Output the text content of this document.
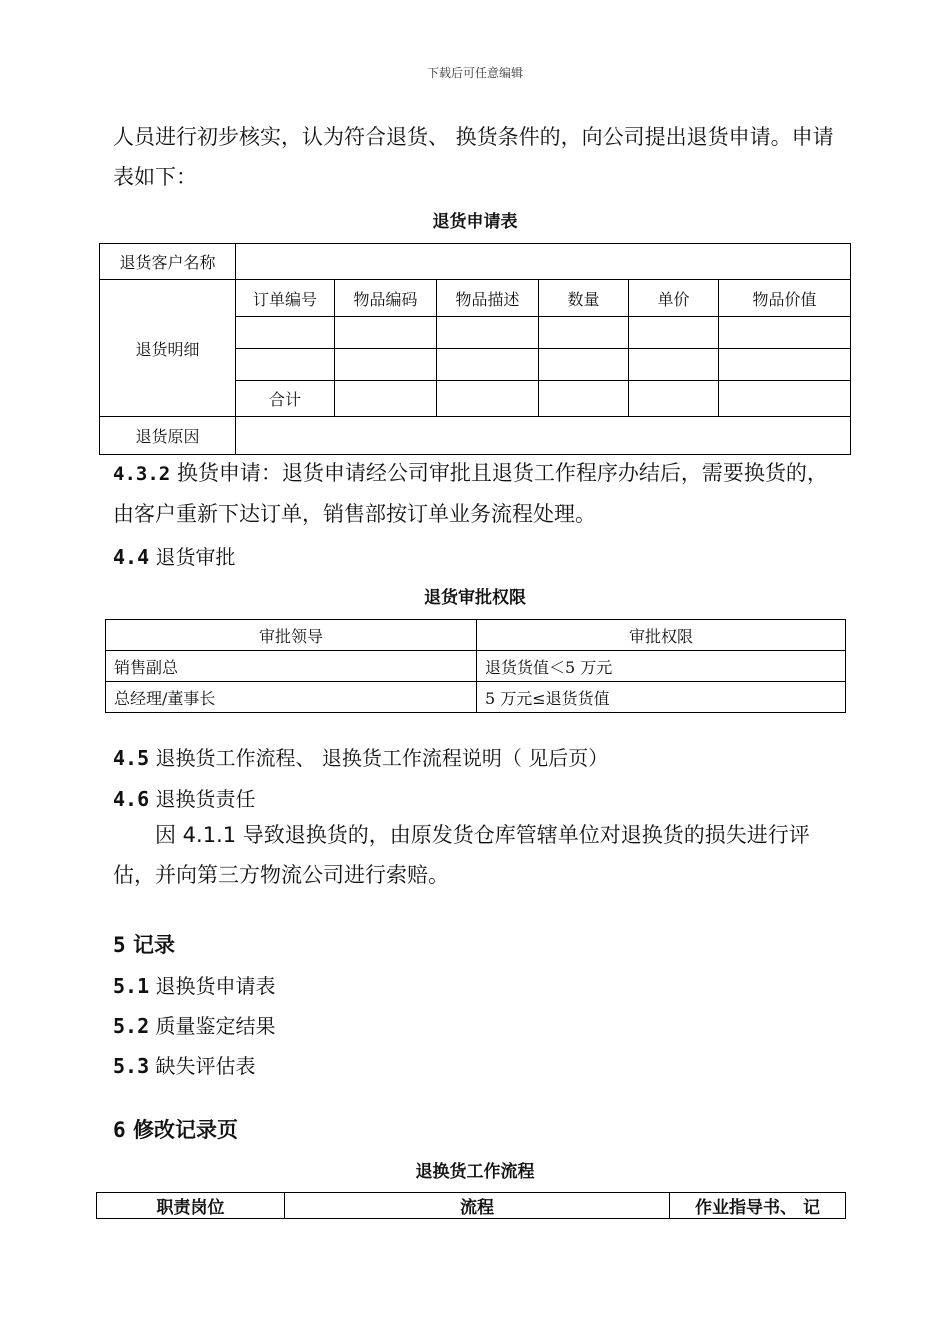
下载后可任意编辑
人员进行初步核实，认为符合退货、 换货条件的，向公司提出退货申请。申请表如下：
退货申请表
退货客户名称						
退货明细	订单编号	物品编码	物品描述	数量	单价	物品价值

	合计					
退货原因						
4.3.2 换货申请：退货申请经公司审批且退货工作程序办结后，需要换货的，由客户重新下达订单，销售部按订单业务流程处理。
4.4 退货审批
退货审批权限
审批领导	审批权限
销售副总	退货货值＜5 万元
总经理/董事长	5 万元≤退货货值
4.5 退换货工作流程、 退换货工作流程说明（ 见后页）
4.6 退换货责任
因 4.1.1 导致退换货的，由原发货仓库管辖单位对退换货的损失进行评估，并向第三方物流公司进行索赔。
5 记录
5.1 退换货申请表
5.2 质量鉴定结果
5.3 缺失评估表
6 修改记录页
退换货工作流程
职责岗位	流程	作业指导书、 记
